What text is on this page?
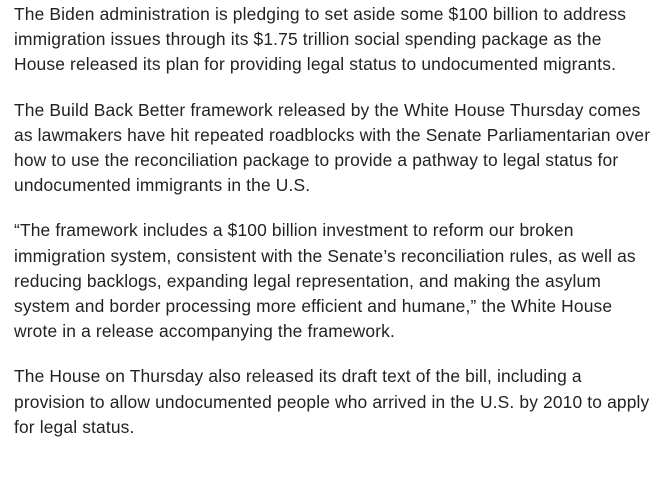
The Biden administration is pledging to set aside some $100 billion to address immigration issues through its $1.75 trillion social spending package as the House released its plan for providing legal status to undocumented migrants.

The Build Back Better framework released by the White House Thursday comes as lawmakers have hit repeated roadblocks with the Senate Parliamentarian over how to use the reconciliation package to provide a pathway to legal status for undocumented immigrants in the U.S.

“The framework includes a $100 billion investment to reform our broken immigration system, consistent with the Senate’s reconciliation rules, as well as reducing backlogs, expanding legal representation, and making the asylum system and border processing more efficient and humane,” the White House wrote in a release accompanying the framework.

The House on Thursday also released its draft text of the bill, including a provision to allow undocumented people who arrived in the U.S. by 2010 to apply for legal status.
